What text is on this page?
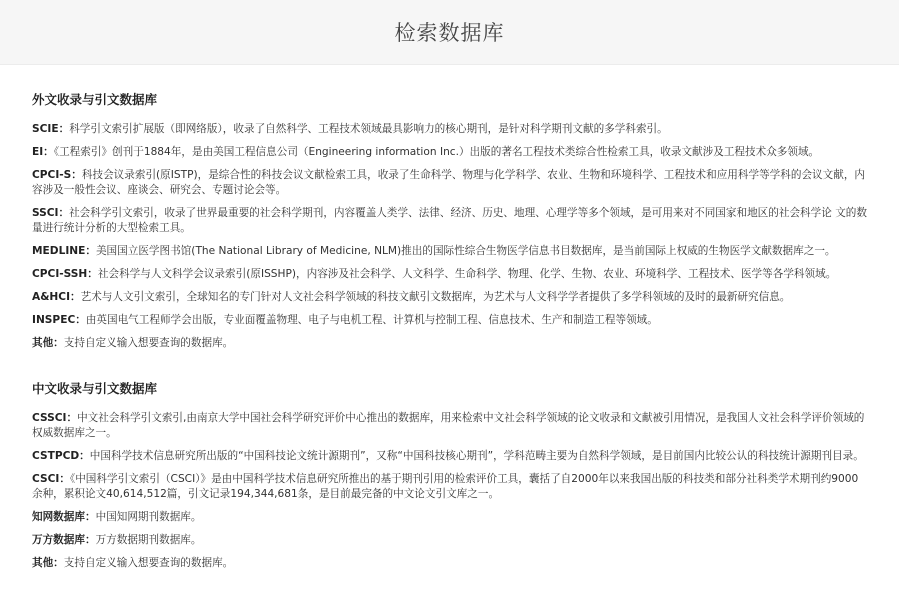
检索数据库
外文收录与引文数据库
SCIE：科学引文索引扩展版（即网络版），收录了自然科学、工程技术领域最具影响力的核心期刊，是针对科学期刊文献的多学科索引。
EI：《工程索引》创刊于1884年，是由美国工程信息公司（Engineering information Inc.）出版的著名工程技术类综合性检索工具，收录文献涉及工程技术众多领域。
CPCI-S：科技会议录索引(原ISTP)，是综合性的科技会议文献检索工具，收录了生命科学、物理与化学科学、农业、生物和环境科学、工程技术和应用科学等学科的会议文献，内容涉及一般性会议、座谈会、研究会、专题讨论会等。
SSCI：社会科学引文索引，收录了世界最重要的社会科学期刊，内容覆盖人类学、法律、经济、历史、地理、心理学等多个领域，是可用来对不同国家和地区的社会科学论 文的数量进行统计分析的大型检索工具。
MEDLINE：美国国立医学图书馆(The National Library of Medicine, NLM)推出的国际性综合生物医学信息书目数据库，是当前国际上权威的生物医学文献数据库之一。
CPCI-SSH：社会科学与人文科学会议录索引(原ISSHP)，内容涉及社会科学、人文科学、生命科学、物理、化学、生物、农业、环境科学、工程技术、医学等各学科领域。
A&HCI：艺术与人文引文索引，全球知名的专门针对人文社会科学领域的科技文献引文数据库，为艺术与人文科学学者提供了多学科领域的及时的最新研究信息。
INSPEC：由英国电气工程师学会出版，专业面覆盖物理、电子与电机工程、计算机与控制工程、信息技术、生产和制造工程等领域。
其他：支持自定义输入想要查询的数据库。
中文收录与引文数据库
CSSCI：中文社会科学引文索引,由南京大学中国社会科学研究评价中心推出的数据库，用来检索中文社会科学领域的论文收录和文献被引用情况，是我国人文社会科学评价领域的权威数据库之一。
CSTPCD：中国科学技术信息研究所出版的“中国科技论文统计源期刊”，又称“中国科技核心期刊”，学科范畴主要为自然科学领域，是目前国内比较公认的科技统计源期刊目录。
CSCI：《中国科学引文索引（CSCI）》是由中国科学技术信息研究所推出的基于期刊引用的检索评价工具，囊括了自2000年以来我国出版的科技类和部分社科类学术期刊约9000余种，累积论文40,614,512篇，引文记录194,344,681条，是目前最完备的中文论文引文库之一。
知网数据库：中国知网期刊数据库。
万方数据库：万方数据期刊数据库。
其他：支持自定义输入想要查询的数据库。
